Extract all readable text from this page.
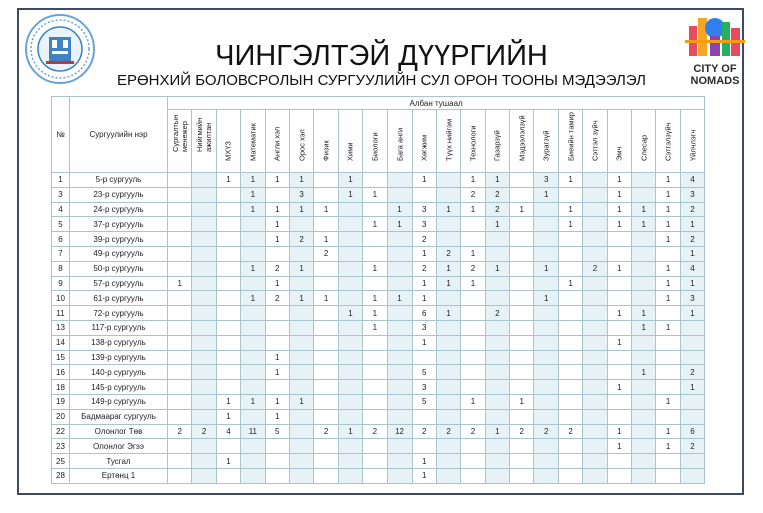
CITY OF
NOMADS
ЧИНГЭЛТЭЙ ДҮҮРГИЙН
ЕРӨНХИЙ БОЛОВСРОЛЫН СУРГУУЛИЙН СУЛ ОРОН ТООНЫ МЭДЭЭЛЭЛ
№	Сургуулийн нэр	Албан тушаал																					

		Сургалтын менежер	Нийгмийн ажилтан	МХҮЗ	Математик	Англи хэл	Орос хэл	Физик	Хими	Биологи	Бага анги	Хөгжим	Түүх нийгэм	Технологи	Газарзүй	Мэдээлэлзүй	Зурагзүй	Биеийн тамир	Сэтгэл зүйч	Эмч	Слесар	Сэтгэлзүйч	Үйлчлэгч

1	5-р сургууль			1	1	1	1		1			1		1	1		3	1		1		1	4
3	23-р сургууль				1		3		1	1				2	2		1			1		1	3
4	24-р сургууль				1	1	1	1			1	3	1	1	2	1		1		1	1	1	2
5	37-р сургууль					1				1	1	3			1			1		1	1	1	1
6	39-р сургууль					1	2	1				2										1	2
7	49-р сургууль							2				1	2	1									1
8	50-р сургууль				1	2	1			1		2	1	2	1		1		2	1		1	4
9	57-р сургууль	1				1						1	1	1				1				1	1
10	61-р сургууль				1	2	1	1		1	1	1					1					1	3
11	72-р сургууль								1	1		6	1		2					1	1		1
13	117-р сургууль									1		3									1	1	
14	138-р сургууль											1								1			
15	139-р сургууль					1																	
16	140-р сургууль					1						5									1		2
18	145-р сургууль											3								1			1
19	149-р сургууль			1	1	1	1					5		1		1						1	
20	Бадмаараг сургууль			1		1																	
22	Олонлог Төв	2	2	4	11	5		2	1	2	12	2	2	2	1	2	2	2		1		1	6
23	Олонлог Эгээ																			1		1	2
25	Тусгал			1								1											
28	Ертөнц 1											1											
